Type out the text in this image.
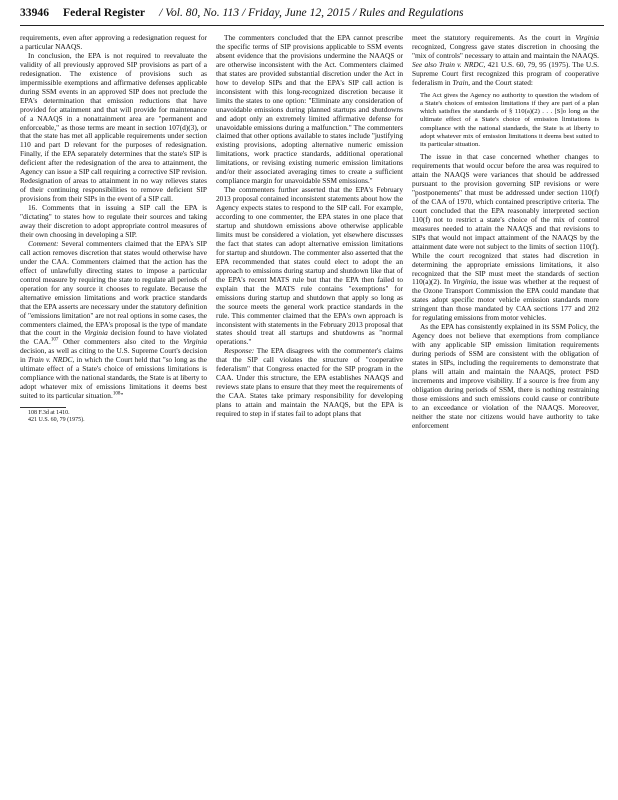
33946 Federal Register / Vol. 80, No. 113 / Friday, June 12, 2015 / Rules and Regulations

requirements, even after approving a redesignation request for a particular NAAQS.

In conclusion, the EPA is not required to reevaluate the validity of all previously approved SIP provisions as part of a redesignation. The existence of provisions such as impermissible exemptions and affirmative defenses applicable during SSM events in an approved SIP does not preclude the EPA's determination that emission reductions that have provided for attainment and that will provide for maintenance of a NAAQS in a nonattainment area are "permanent and enforceable," as those terms are meant in section 107(d)(3), or that the state has met all applicable requirements under section 110 and part D relevant for the purposes of redesignation. Finally, if the EPA separately determines that the state's SIP is deficient after the redesignation of the area to attainment, the Agency can issue a SIP call requiring a corrective SIP revision. Redesignation of areas to attainment in no way relieves states of their continuing responsibilities to remove deficient SIP provisions from their SIPs in the event of a SIP call.

16. Comments that in issuing a SIP call the EPA is "dictating" to states how to regulate their sources and taking away their discretion to adopt appropriate control measures of their own choosing in developing a SIP.

Comment: Several commenters claimed that the EPA's SIP call action removes discretion that states would otherwise have under the CAA. Commenters claimed that the action has the effect of unlawfully directing states to impose a particular control measure by requiring the state to regulate all periods of operation for any source it chooses to regulate. Because the alternative emission limitations and work practice standards that the EPA asserts are necessary under the statutory definition of "emissions limitation" are not real options in some cases, the commenters claimed, the EPA's proposal is the type of mandate that the court in the Virginia decision found to have violated the CAA.$^{107}$ Other commenters also cited to the Virginia decision, as well as citing to the U.S. Supreme Court's decision in Train v. NRDC, in which the Court held that "so long as the ultimate effect of a State's choice of emissions limitations is compliance with the national standards, the State is at liberty to adopt whatever mix of emissions limitations it deems best suited to its particular situation.$^{108}$"

108 F.3d at 1410.

421 U.S. 60, 79 (1975).

The commenters concluded that the EPA cannot prescribe the specific terms of SIP provisions applicable to SSM events absent evidence that the provisions undermine the NAAQS or are otherwise inconsistent with the Act. Commenters claimed that states are provided substantial discretion under the Act in how to develop SIPs and that the EPA's SIP call action is inconsistent with this long-recognized discretion because it limits the states to one option: "Eliminate any consideration of unavoidable emissions during planned startups and shutdowns and adopt only an extremely limited affirmative defense for unavoidable emissions during a malfunction." The commenters claimed that other options available to states include "justifying existing provisions, adopting alternative numeric emission limitations, work practice standards, additional operational limitations, or revising existing numeric emission limitations and/or their associated averaging times to create a sufficient compliance margin for unavoidable SSM emissions."

The commenters further asserted that the EPA's February 2013 proposal contained inconsistent statements about how the Agency expects states to respond to the SIP call. For example, according to one commenter, the EPA states in one place that startup and shutdown emissions above otherwise applicable limits must be considered a violation, yet elsewhere discusses the fact that states can adopt alternative emission limitations for startup and shutdown. The commenter also asserted that the EPA recommended that states could elect to adopt the an approach to emissions during startup and shutdown like that of the EPA's recent MATS rule but that the EPA then failed to explain that the MATS rule contains "exemptions" for emissions during startup and shutdown that apply so long as the source meets the general work practice standards in the rule. This commenter claimed that the EPA's own approach is inconsistent with statements in the February 2013 proposal that states should treat all startups and shutdowns as "normal operations."

Response: The EPA disagrees with the commenter's claims that the SIP call violates the structure of "cooperative federalism" that Congress enacted for the SIP program in the CAA. Under this structure, the EPA establishes NAAQS and reviews state plans to ensure that they meet the requirements of the CAA. States take primary responsibility for developing plans to attain and maintain the NAAQS, but the EPA is required to step in if states fail to adopt plans that

meet the statutory requirements. As the court in Virginia recognized, Congress gave states discretion in choosing the "mix of controls" necessary to attain and maintain the NAAQS. See also Train v. NRDC, 421 U.S. 60, 79, 95 (1975). The U.S. Supreme Court first recognized this program of cooperative federalism in Train, and the Court stated:

The Act gives the Agency no authority to question the wisdom of a State's choices of emission limitations if they are part of a plan which satisfies the standards of § 110(a)(2) . . . [S]o long as the ultimate effect of a State's choice of emission limitations is compliance with the national standards, the State is at liberty to adopt whatever mix of emission limitations it deems best suited to its particular situation.

The issue in that case concerned whether changes to requirements that would occur before the area was required to attain the NAAQS were variances that should be addressed pursuant to the provision governing SIP revisions or were "postponements" that must be addressed under section 110(f) of the CAA of 1970, which contained prescriptive criteria. The court concluded that the EPA reasonably interpreted section 110(f) not to restrict a state's choice of the mix of control measures needed to attain the NAAQS and that revisions to SIPs that would not impact attainment of the NAAQS by the attainment date were not subject to the limits of section 110(f). While the court recognized that states had discretion in determining the appropriate emissions limitations, it also recognized that the SIP must meet the standards of section 110(a)(2). In Virginia, the issue was whether at the request of the Ozone Transport Commission the EPA could mandate that states adopt specific motor vehicle emission standards more stringent than those mandated by CAA sections 177 and 202 for regulating emissions from motor vehicles.

As the EPA has consistently explained in its SSM Policy, the Agency does not believe that exemptions from compliance with any applicable SIP emission limitation requirements during periods of SSM are consistent with the obligation of states in SIPs, including the requirements to demonstrate that plans will attain and maintain the NAAQS, protect PSD increments and improve visibility. If a source is free from any obligation during periods of SSM, there is nothing restraining those emissions and such emissions could cause or contribute to an exceedance or violation of the NAAQS. Moreover, neither the state nor citizens would have authority to take enforcement
